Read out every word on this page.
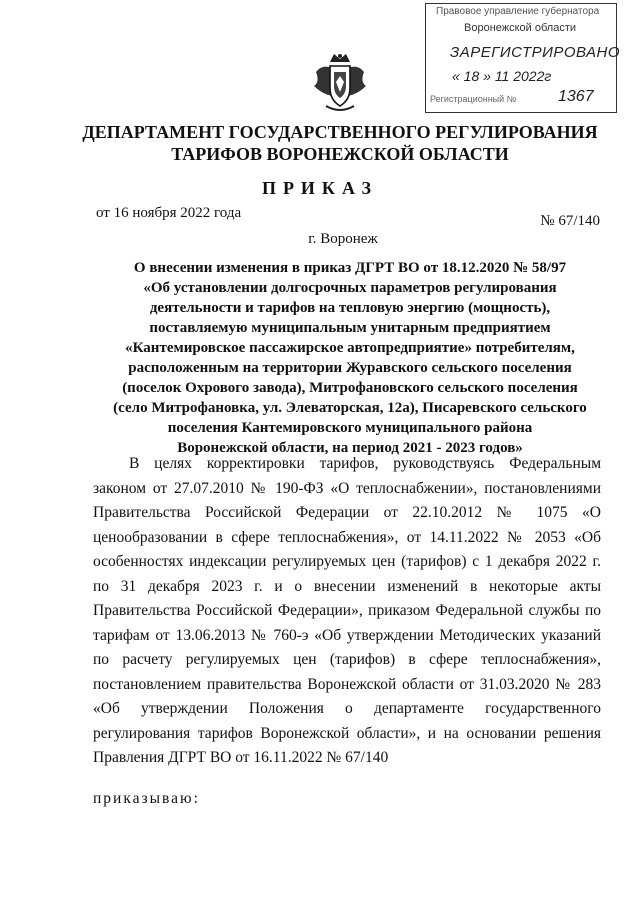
Правовое управление губернатора
Воронежской области
ЗАРЕГИСТРИРОВАНО
« 18 » 11 2022г
Регистрационный №	1367
ДЕПАРТАМЕНТ ГОСУДАРСТВЕННОГО РЕГУЛИРОВАНИЯ
ТАРИФОВ ВОРОНЕЖСКОЙ ОБЛАСТИ
ПРИКАЗ
от 16 ноября 2022 года	№ 67/140
г. Воронеж
О внесении изменения в приказ ДГРТ ВО от 18.12.2020 № 58/97
«Об установлении долгосрочных параметров регулирования
деятельности и тарифов на тепловую энергию (мощность),
поставляемую муниципальным унитарным предприятием
«Кантемировское пассажирское автопредприятие» потребителям,
расположенным на территории Журавского сельского поселения
(поселок Охрового завода), Митрофановского сельского поселения
(село Митрофановка, ул. Элеваторская, 12а), Писаревского сельского
поселения Кантемировского муниципального района
Воронежской области, на период 2021 - 2023 годов»
В целях корректировки тарифов, руководствуясь Федеральным законом от 27.07.2010 № 190-ФЗ «О теплоснабжении», постановлениями Правительства Российской Федерации от 22.10.2012 № 1075 «О ценообразовании в сфере теплоснабжения», от 14.11.2022 № 2053 «Об особенностях индексации регулируемых цен (тарифов) с 1 декабря 2022 г. по 31 декабря 2023 г. и о внесении изменений в некоторые акты Правительства Российской Федерации», приказом Федеральной службы по тарифам от 13.06.2013 № 760-э «Об утверждении Методических указаний по расчету регулируемых цен (тарифов) в сфере теплоснабжения», постановлением правительства Воронежской области от 31.03.2020 № 283 «Об утверждении Положения о департаменте государственного регулирования тарифов Воронежской области», и на основании решения Правления ДГРТ ВО от 16.11.2022 № 67/140
приказываю:
